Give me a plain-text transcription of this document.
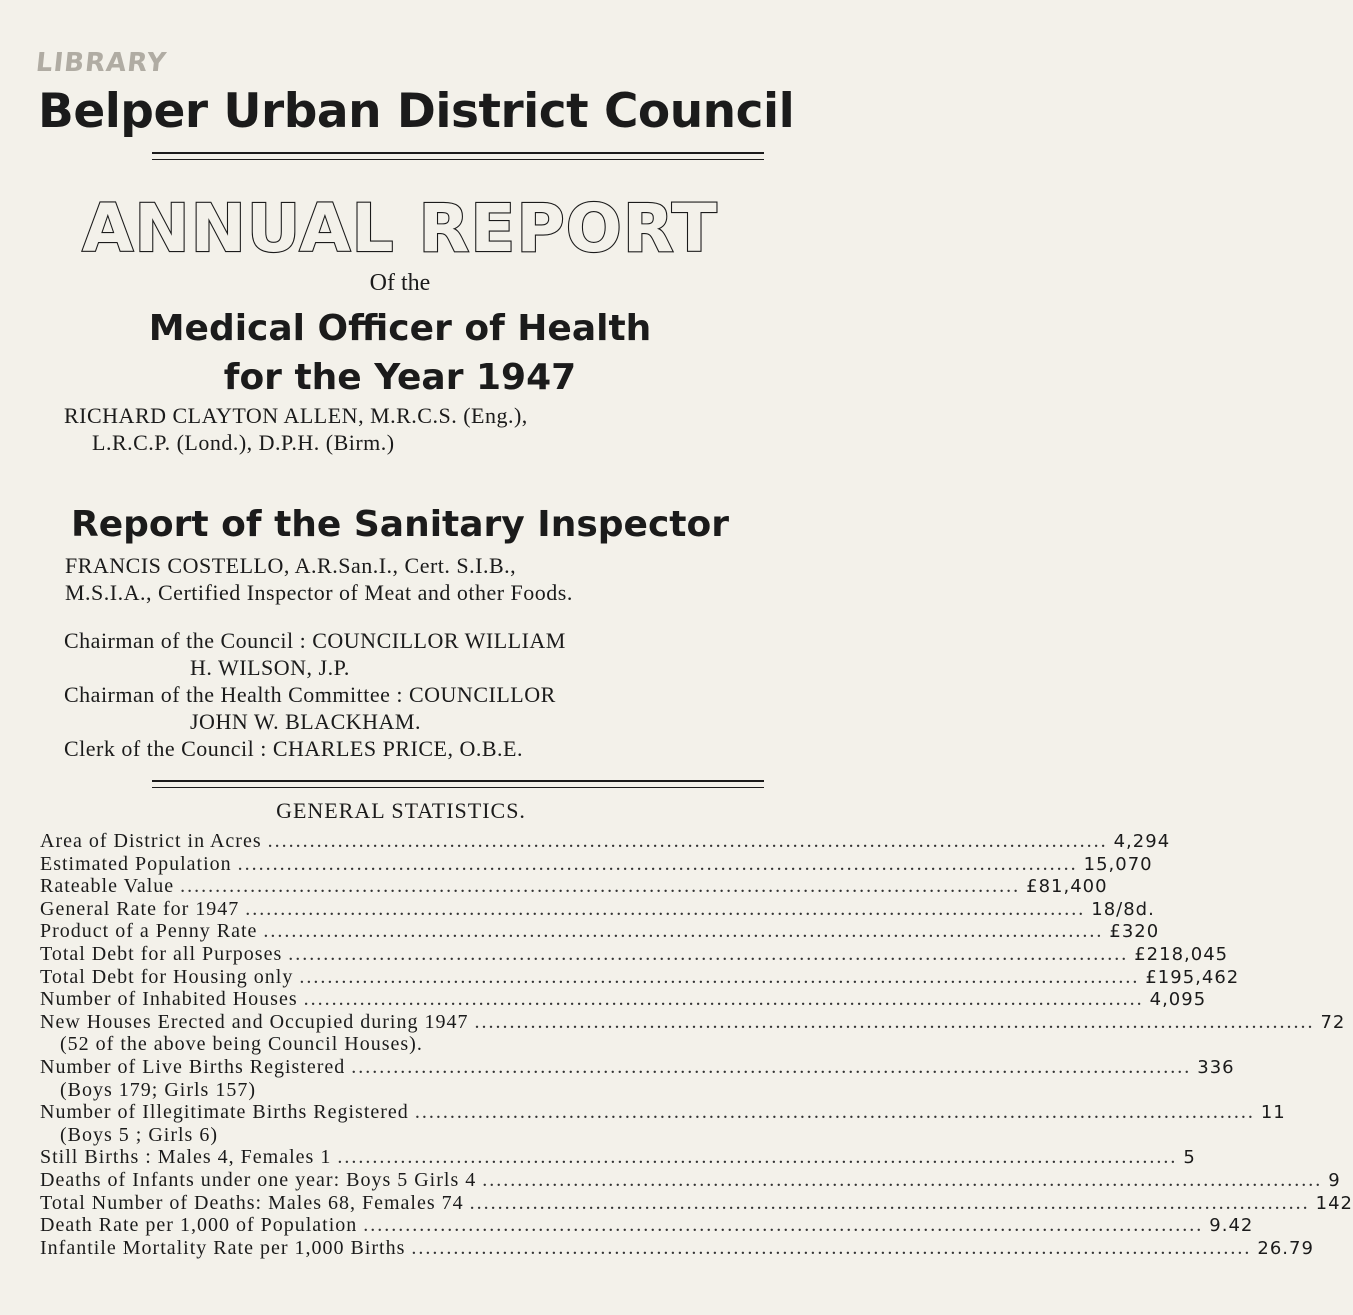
LIBRARY
Belper Urban District Council
ANNUAL REPORT
Of the
Medical Officer of Health
for the Year 1947
RICHARD CLAYTON ALLEN, M.R.C.S. (Eng.),
L.R.C.P. (Lond.), D.P.H. (Birm.)
Report of the Sanitary Inspector
FRANCIS COSTELLO, A.R.San.I., Cert. S.I.B.,
M.S.I.A., Certified Inspector of Meat and other Foods.
Chairman of the Council : COUNCILLOR WILLIAM
H. WILSON, J.P.
Chairman of the Health Committee : COUNCILLOR
JOHN W. BLACKHAM.
Clerk of the Council : CHARLES PRICE, O.B.E.
GENERAL STATISTICS.
Area of District in Acres ........................................................................................................................ 4,294
Estimated Population ........................................................................................................................ 15,070
Rateable Value ........................................................................................................................ £81,400
General Rate for 1947 ........................................................................................................................ 18/8d.
Product of a Penny Rate ........................................................................................................................ £320
Total Debt for all Purposes ........................................................................................................................ £218,045
Total Debt for Housing only ........................................................................................................................ £195,462
Number of Inhabited Houses ........................................................................................................................ 4,095
New Houses Erected and Occupied during 1947 ........................................................................................................................ 72
(52 of the above being Council Houses).
Number of Live Births Registered ........................................................................................................................ 336
(Boys 179; Girls 157)
Number of Illegitimate Births Registered ........................................................................................................................ 11
(Boys 5 ; Girls 6)
Still Births : Males 4, Females 1 ........................................................................................................................ 5
Deaths of Infants under one year: Boys 5 Girls 4 ........................................................................................................................ 9
Total Number of Deaths: Males 68, Females 74 ........................................................................................................................ 142
Death Rate per 1,000 of Population ........................................................................................................................ 9.42
Infantile Mortality Rate per 1,000 Births ........................................................................................................................ 26.79
